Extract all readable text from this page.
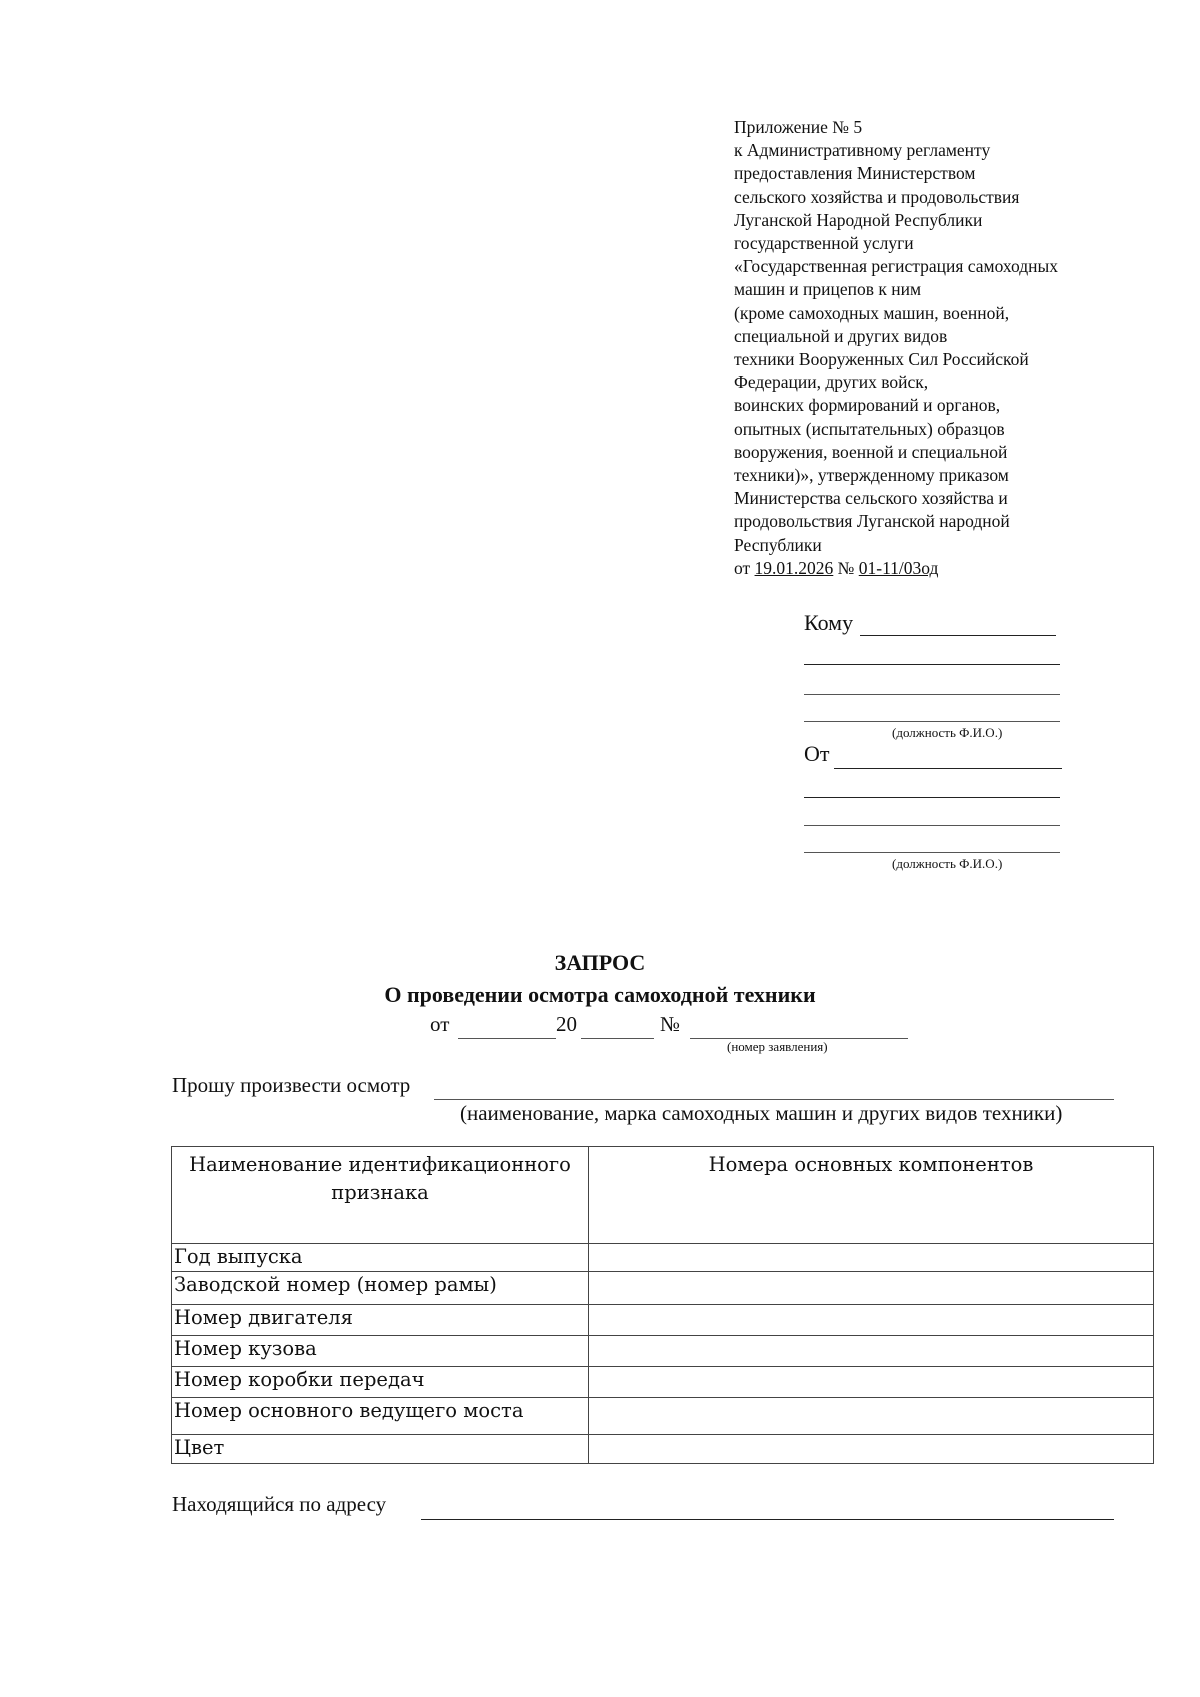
Приложение № 5
к Административному регламенту
предоставления Министерством
сельского хозяйства и продовольствия
Луганской Народной Республики
государственной услуги
«Государственная регистрация самоходных
машин и прицепов к ним
(кроме самоходных машин, военной,
специальной и других видов
техники Вооруженных Сил Российской
Федерации, других войск,
воинских формирований и органов,
опытных (испытательных) образцов
вооружения, военной и специальной
техники)», утвержденному приказом
Министерства сельского хозяйства и
продовольствия Луганской народной
Республики
от 19.01.2026 № 01-11/03од
Кому
(должность Ф.И.О.)
От
(должность Ф.И.О.)
ЗАПРОС
О проведении осмотра самоходной техники
от	20	№
(номер заявления)
Прошу произвести осмотр
(наименование, марка самоходных машин и других видов техники)
Наименование идентификационного признака	Номера основных компонентов
Год выпуска	
Заводской номер (номер рамы)	
Номер двигателя	
Номер кузова	
Номер коробки передач	
Номер основного ведущего моста	
Цвет	
Находящийся по адресу
